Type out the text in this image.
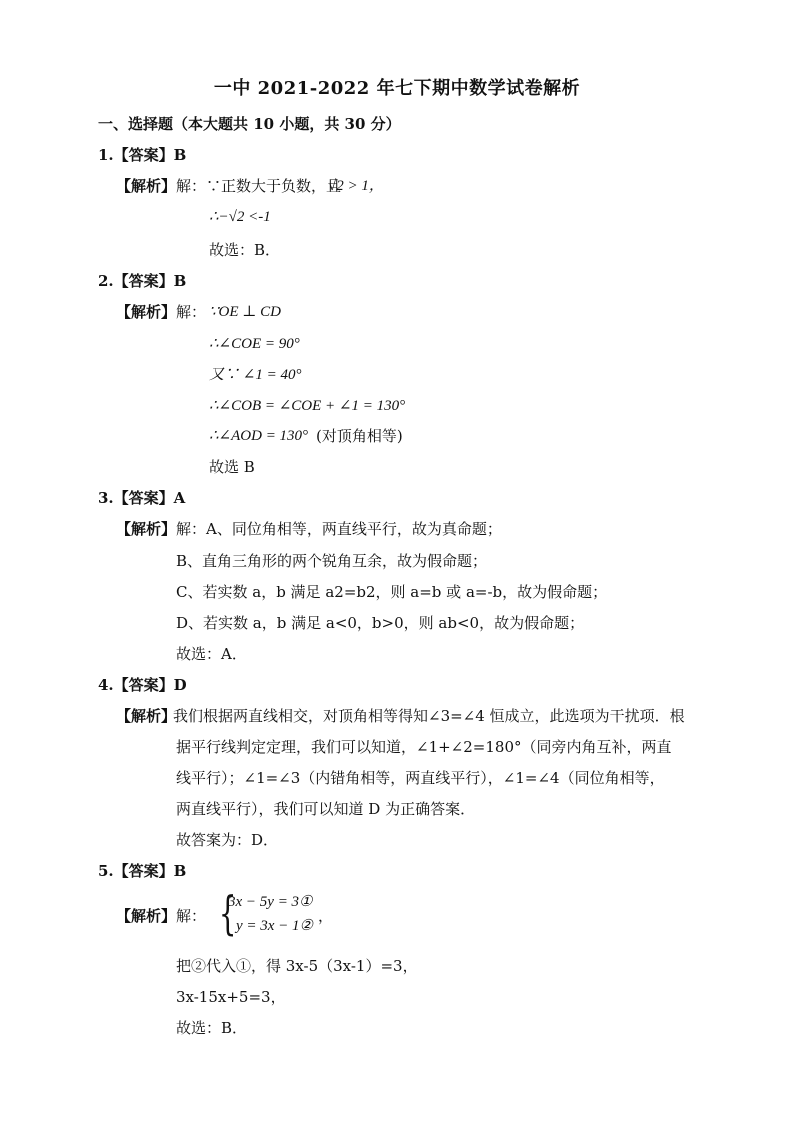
一中 2021-2022 年七下期中数学试卷解析
一、选择题（本大题共 10 小题，共 30 分）
1.【答案】B
【解析】 解：∵正数大于负数，且
√2 > 1，
∴−√2 <-1
故选：B．
2.【答案】B
【解析】 解： ∵OE ⊥ CD
∴∠COE = 90°
又∵ ∠1 = 40°
∴∠COB = ∠COE + ∠1 = 130°
∴∠AOD = 130° (对顶角相等)
故选 B
3.【答案】A
【解析】 解：A、同位角相等，两直线平行，故为真命题；
B、直角三角形的两个锐角互余，故为假命题；
C、若实数 a，b 满足 a2=b2，则 a=b 或 a=-b，故为假命题；
D、若实数 a，b 满足 a<0，b>0，则 ab<0，故为假命题；
故选：A．
4.【答案】D
【解析】
我们根据两直线相交，对顶角相等得知∠3=∠4 恒成立，此选项为干扰项．根
据平行线判定定理，我们可以知道，∠1+∠2=180°（同旁内角互补，两直
线平行）；∠1=∠3（内错角相等，两直线平行），∠1=∠4（同位角相等，
两直线平行），我们可以知道 D 为正确答案．
故答案为：D．
5.【答案】B
【解析】 解： {
3x − 5y = 3①
y = 3x − 1②
，
把②代入①，得 3x-5（3x-1）=3，
3x-15x+5=3，
故选：B．
